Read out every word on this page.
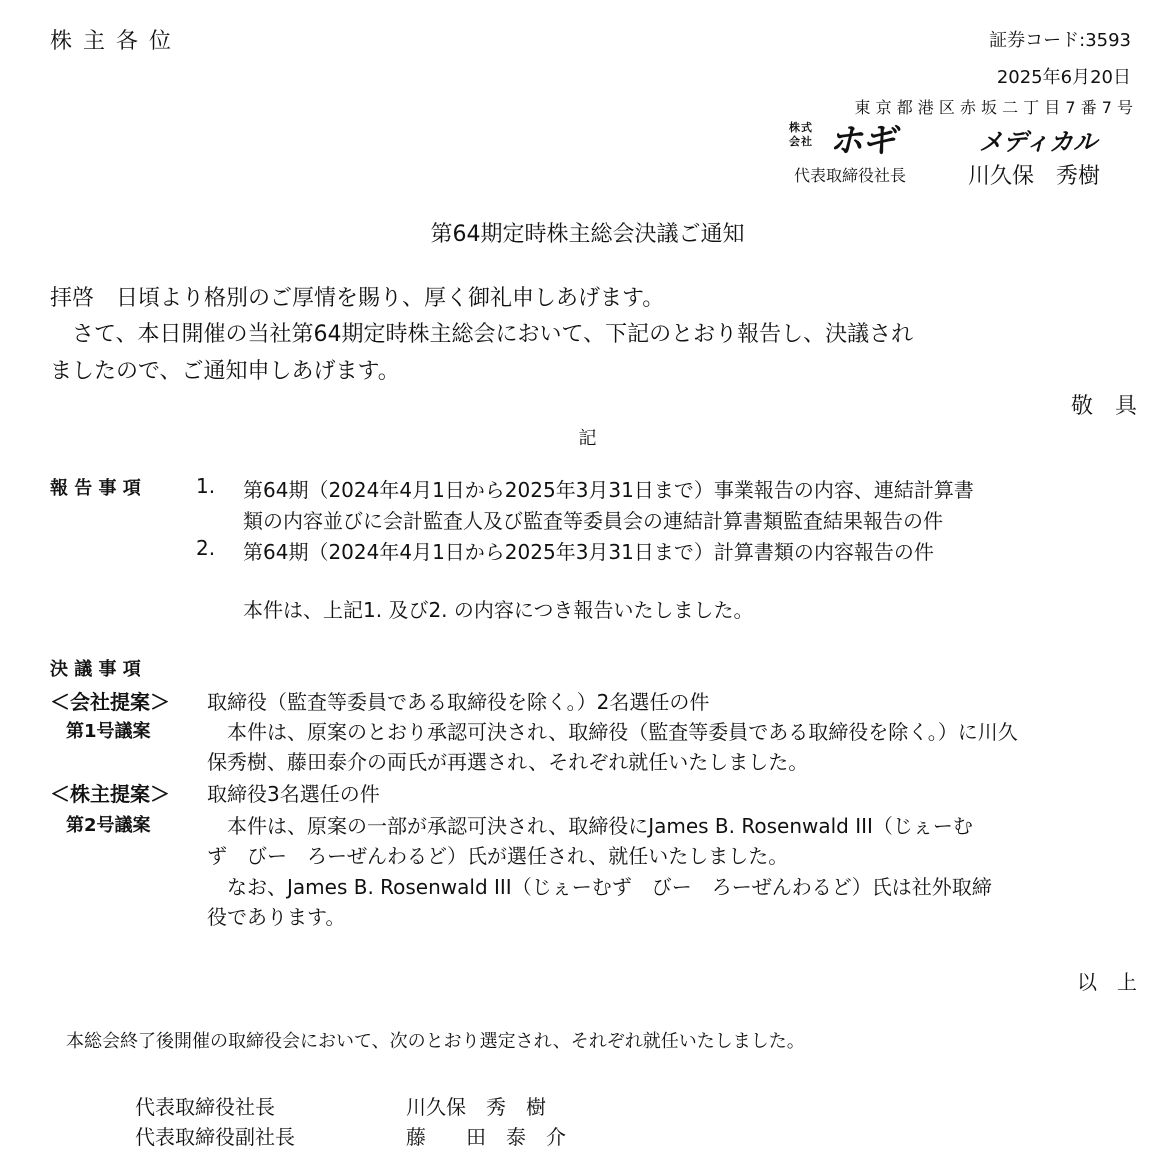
株 主 各 位	証券コード:3593
2025年6月20日
東 京 都 港 区 赤 坂 二 丁 目 7 番 7 号
株式
会社 ホギ	メディカル
代表取締役社長	川久保　秀樹
第64期定時株主総会決議ご通知
拝啓　日頃より格別のご厚情を賜り、厚く御礼申しあげます。
　さて、本日開催の当社第64期定時株主総会において、下記のとおり報告し、決議され
ましたので、ご通知申しあげます。
敬　具
記
報 告 事 項	1. 第64期（2024年4月1日から2025年3月31日まで）事業報告の内容、連結計算書
類の内容並びに会計監査人及び監査等委員会の連結計算書類監査結果報告の件
2. 第64期（2024年4月1日から2025年3月31日まで）計算書類の内容報告の件
本件は、上記1. 及び2. の内容につき報告いたしました。
決 議 事 項
＜会社提案＞ 取締役（監査等委員である取締役を除く。）2名選任の件
第1号議案	　本件は、原案のとおり承認可決され、取締役（監査等委員である取締役を除く。）に川久
保秀樹、藤田泰介の両氏が再選され、それぞれ就任いたしました。
＜株主提案＞ 取締役3名選任の件
第2号議案	　本件は、原案の一部が承認可決され、取締役にJames B. Rosenwald III（じぇーむ
ず　びー　ろーぜんわるど）氏が選任され、就任いたしました。
　なお、James B. Rosenwald III（じぇーむず　びー　ろーぜんわるど）氏は社外取締
役であります。
以　上
本総会終了後開催の取締役会において、次のとおり選定され、それぞれ就任いたしました。
代表取締役社長	川久保　秀　樹
代表取締役副社長	藤　　田　泰　介
